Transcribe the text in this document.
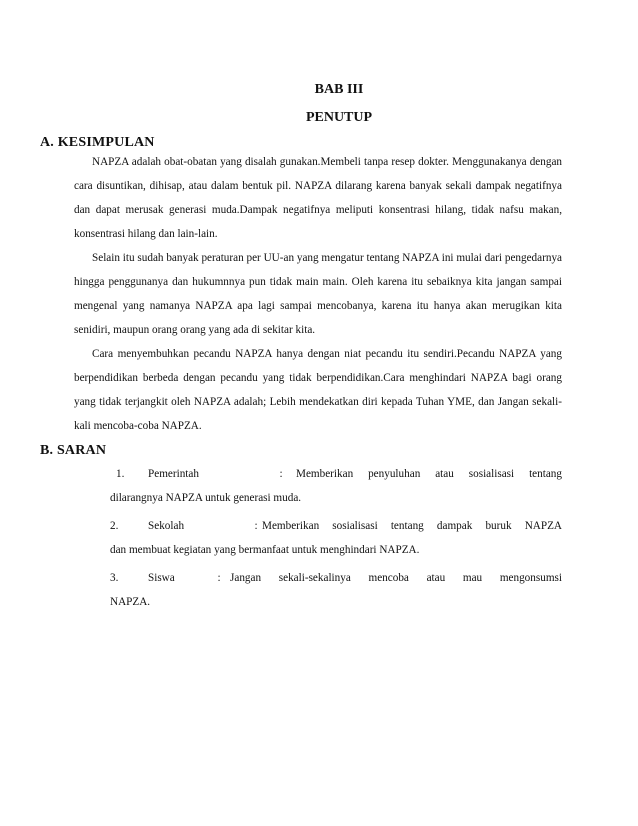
BAB III
PENUTUP
A. KESIMPULAN

NAPZA adalah obat-obatan yang disalah gunakan.Membeli tanpa resep dokter. Menggunakanya dengan cara disuntikan, dihisap, atau dalam bentuk pil. NAPZA dilarang karena banyak sekali dampak negatifnya dan dapat merusak generasi muda.Dampak negatifnya meliputi konsentrasi hilang, tidak nafsu makan, konsentrasi hilang dan lain-lain.

Selain itu sudah banyak peraturan per UU-an yang mengatur tentang NAPZA ini mulai dari pengedarnya hingga penggunanya dan hukumnnya pun tidak main main. Oleh karena itu sebaiknya kita jangan sampai mengenal yang namanya NAPZA apa lagi sampai mencobanya, karena itu hanya akan merugikan kita senidiri, maupun orang orang yang ada di sekitar kita.

Cara menyembuhkan pecandu NAPZA hanya dengan niat pecandu itu sendiri.Pecandu NAPZA yang berpendidikan berbeda dengan pecandu yang tidak berpendidikan.Cara menghindari NAPZA bagi orang yang tidak terjangkit oleh NAPZA adalah; Lebih mendekatkan diri kepada Tuhan YME, dan Jangan sekali-kali mencoba-coba NAPZA.

B. SARAN
1.	Pemerintah	:	Memberikan penyuluhan atau sosialisasi tentang
dilarangnya NAPZA untuk generasi muda.
2.	Sekolah	: Memberikan sosialisasi tentang dampak buruk NAPZA
dan membuat kegiatan yang bermanfaat untuk menghindari NAPZA.
3.	Siswa	: Jangan sekali-sekalinya mencoba atau mau mengonsumsi
NAPZA.
